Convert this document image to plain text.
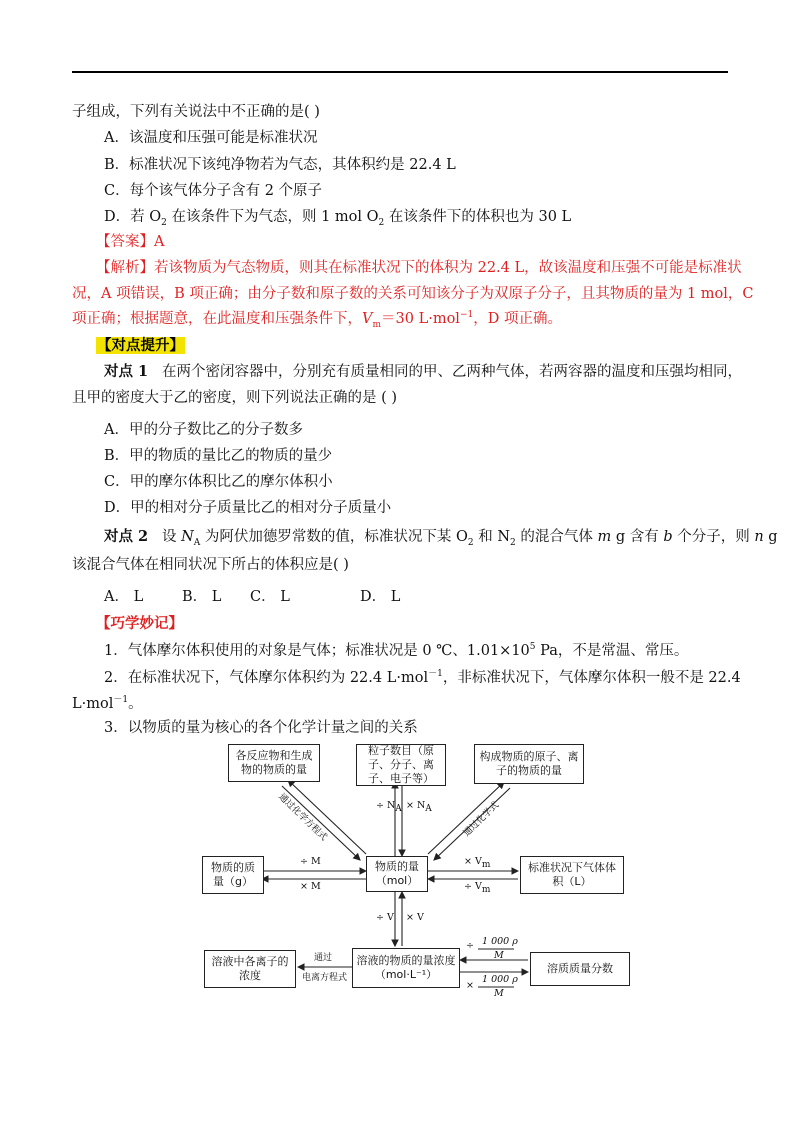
子组成，下列有关说法中不正确的是( )
A．该温度和压强可能是标准状况
B．标准状况下该纯净物若为气态，其体积约是 22.4 L
C．每个该气体分子含有 2 个原子
D．若 $O_2$ 在该条件下为气态，则 1 mol $O_2$ 在该条件下的体积也为 30 L
【答案】A
【解析】若该物质为气态物质，则其在标准状况下的体积为 22.4 L，故该温度和压强不可能是标准状
况，A 项错误，B 项正确；由分子数和原子数的关系可知该分子为双原子分子，且其物质的量为 1 mol，C
项正确；根据题意，在此温度和压强条件下，$V_m=30$ L·mol$^{-1}$，D 项正确。
【对点提升】
对点 1 在两个密闭容器中，分别充有质量相同的甲、乙两种气体，若两容器的温度和压强均相同，
且甲的密度大于乙的密度，则下列说法正确的是 ( )
A．甲的分子数比乙的分子数多
B．甲的物质的量比乙的物质的量少
C．甲的摩尔体积比乙的摩尔体积小
D．甲的相对分子质量比乙的相对分子质量小
对点 2 设 $N_A$ 为阿伏加德罗常数的值，标准状况下某 $O_2$ 和 $N_2$ 的混合气体 m g 含有 b 个分子，则 n g
该混合气体在相同状况下所占的体积应是( )
A． L	B． L C． L	D． L
【巧学妙记】
1．气体摩尔体积使用的对象是气体；标准状况是 0 ℃、$1.01\times 10^5$ Pa，不是常温、常压。
2．在标准状况下，气体摩尔体积约为 22.4 L·mol$^{-1}$，非标准状况下，气体摩尔体积一般不是 22.4
L·mol$^{-1}$。
3．以物质的量为核心的各个化学计量之间的关系
各反应物和生成物的物质的量
粒子数目（原子、分子、离子、电子等）
构成物质的原子、离子的物质的量
物质的质量（g）
物质的量（mol）
标准状况下气体体积（L）
溶液中各离子的浓度
溶液的物质的量浓度（mol·L⁻¹）	溶质质量分数
通过化学方程式	通过化学式
÷ $N_A \times N_A$
÷ M
× M
× $V_m$
÷ $V_m$
÷ V × V
通过
电离方程式
÷ 1 000 ρ
M
×
1 000 ρ
M
